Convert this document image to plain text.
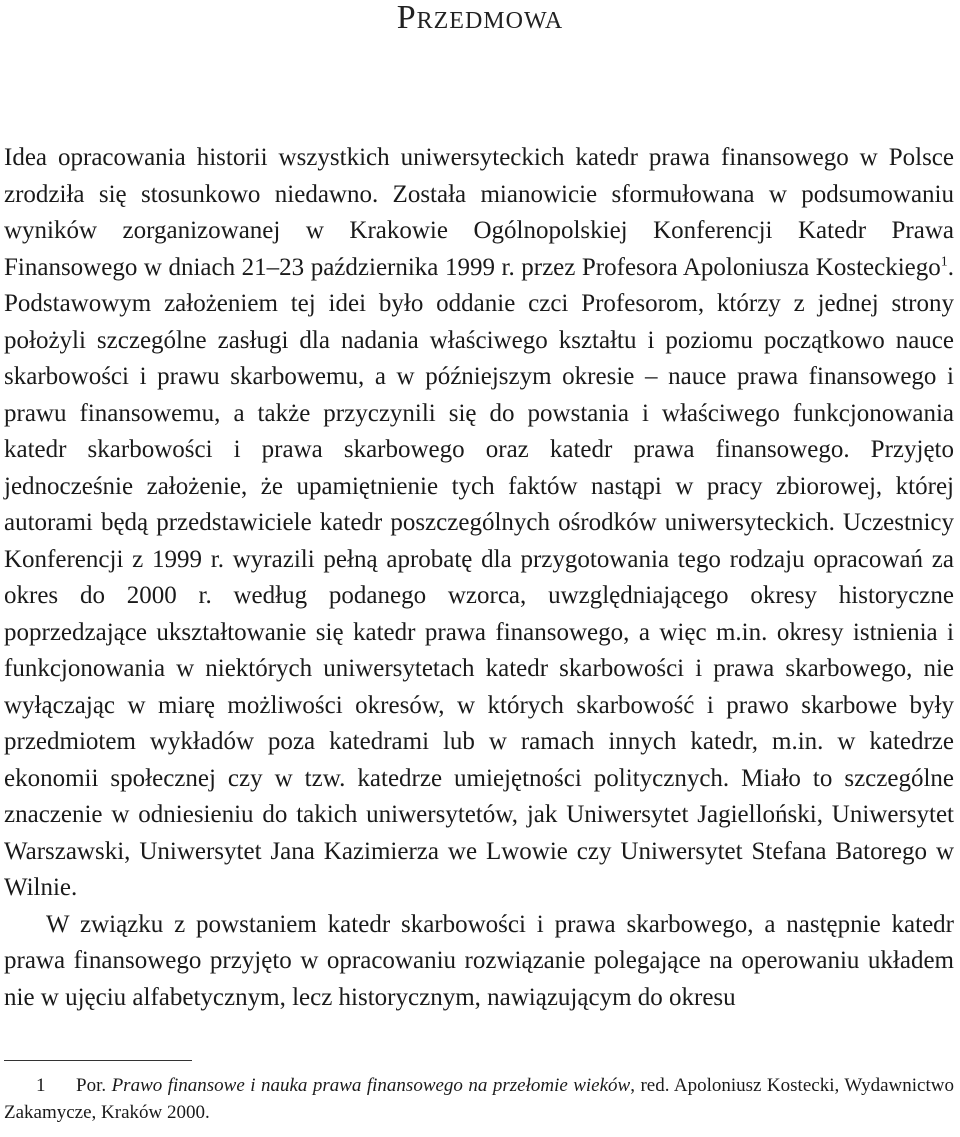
Przedmowa

Idea opracowania historii wszystkich uniwersyteckich katedr prawa finansowego w Polsce zrodziła się stosunkowo niedawno. Została mianowicie sformułowana w podsumowaniu wyników zorganizowanej w Krakowie Ogólnopolskiej Konferencji Katedr Prawa Finansowego w dniach 21–23 października 1999 r. przez Profesora Apoloniusza Kosteckiego$^1$. Podstawowym założeniem tej idei było oddanie czci Profesorom, którzy z jednej strony położyli szczególne zasługi dla nadania właściwego kształtu i poziomu początkowo nauce skarbowości i prawu skarbowemu, a w późniejszym okresie – nauce prawa finansowego i prawu finansowemu, a także przyczynili się do powstania i właściwego funkcjonowania katedr skarbowości i prawa skarbowego oraz katedr prawa finansowego. Przyjęto jednocześnie założenie, że upamiętnienie tych faktów nastąpi w pracy zbiorowej, której autorami będą przedstawiciele katedr poszczególnych ośrodków uniwersyteckich. Uczestnicy Konferencji z 1999 r. wyrazili pełną aprobatę dla przygotowania tego rodzaju opracowań za okres do 2000 r. według podanego wzorca, uwzględniającego okresy historyczne poprzedzające ukształtowanie się katedr prawa finansowego, a więc m.in. okresy istnienia i funkcjonowania w niektórych uniwersytetach katedr skarbowości i prawa skarbowego, nie wyłączając w miarę możliwości okresów, w których skarbowość i prawo skarbowe były przedmiotem wykładów poza katedrami lub w ramach innych katedr, m.in. w katedrze ekonomii społecznej czy w tzw. katedrze umiejętności politycznych. Miało to szczególne znaczenie w odniesieniu do takich uniwersytetów, jak Uniwersytet Jagielloński, Uniwersytet Warszawski, Uniwersytet Jana Kazimierza we Lwowie czy Uniwersytet Stefana Batorego w Wilnie.

W związku z powstaniem katedr skarbowości i prawa skarbowego, a następnie katedr prawa finansowego przyjęto w opracowaniu rozwiązanie polegające na operowaniu układem nie w ujęciu alfabetycznym, lecz historycznym, nawiązującym do okresu

1 Por. Prawo finansowe i nauka prawa finansowego na przełomie wieków, red. Apoloniusz Kostecki, Wydawnictwo Zakamycze, Kraków 2000.
